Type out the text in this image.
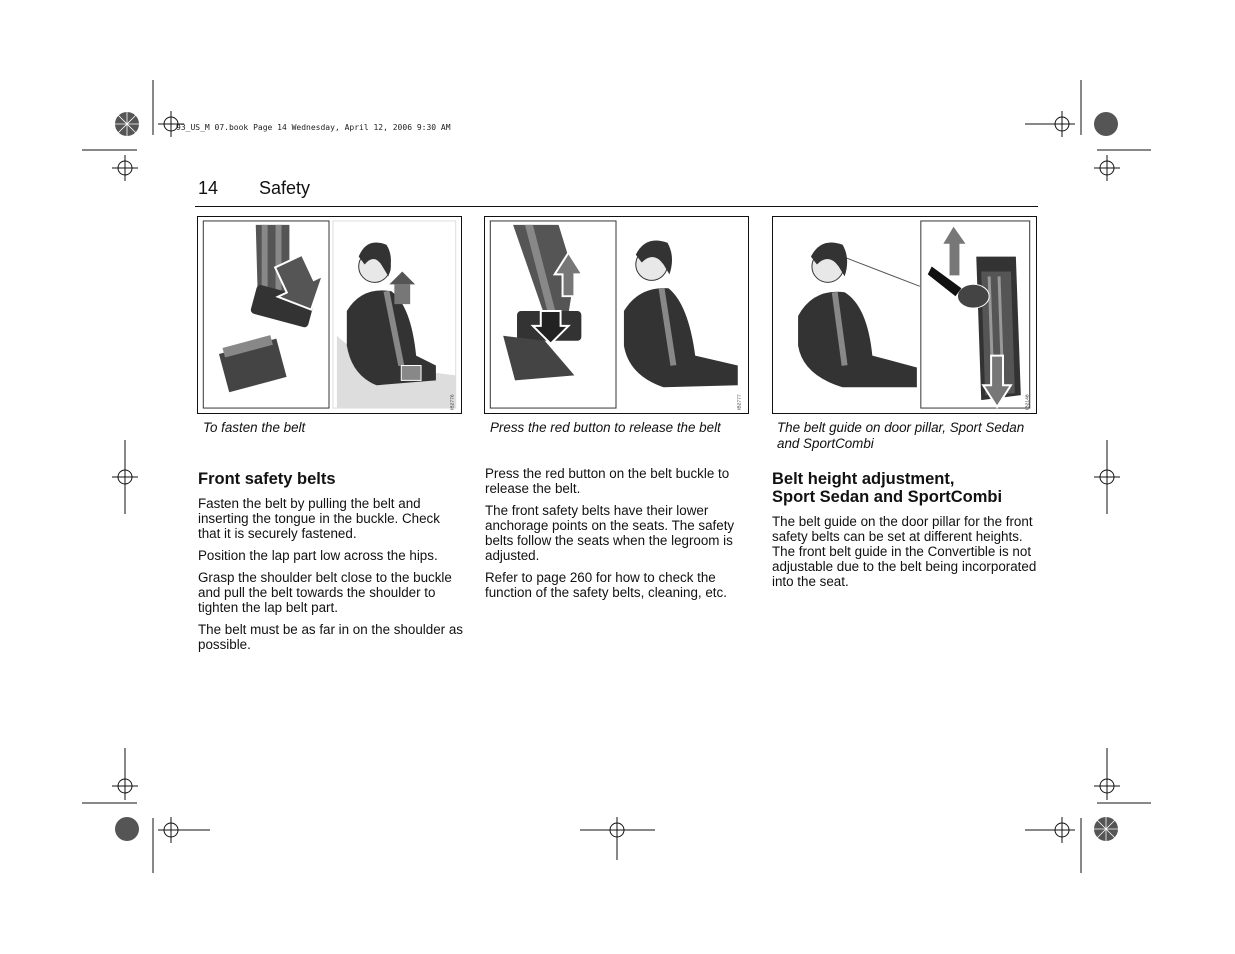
93_US_M 07.book Page 14 Wednesday, April 12, 2006 9:30 AM
14 Safety
IB2776	IB2777	IB2148
To fasten the belt	Press the red button to release the belt	The belt guide on door pillar, Sport Sedan and SportCombi
Front safety belts

Fasten the belt by pulling the belt and inserting the tongue in the buckle. Check that it is securely fastened.

Position the lap part low across the hips.

Grasp the shoulder belt close to the buckle and pull the belt towards the shoulder to tighten the lap belt part.

The belt must be as far in on the shoulder as possible.

Press the red button on the belt buckle to release the belt.

The front safety belts have their lower anchorage points on the seats. The safety belts follow the seats when the legroom is adjusted.

Refer to page 260 for how to check the function of the safety belts, cleaning, etc.

Belt height adjustment,
Sport Sedan and SportCombi

The belt guide on the door pillar for the front safety belts can be set at different heights. The front belt guide in the Convertible is not adjustable due to the belt being incorporated into the seat.
